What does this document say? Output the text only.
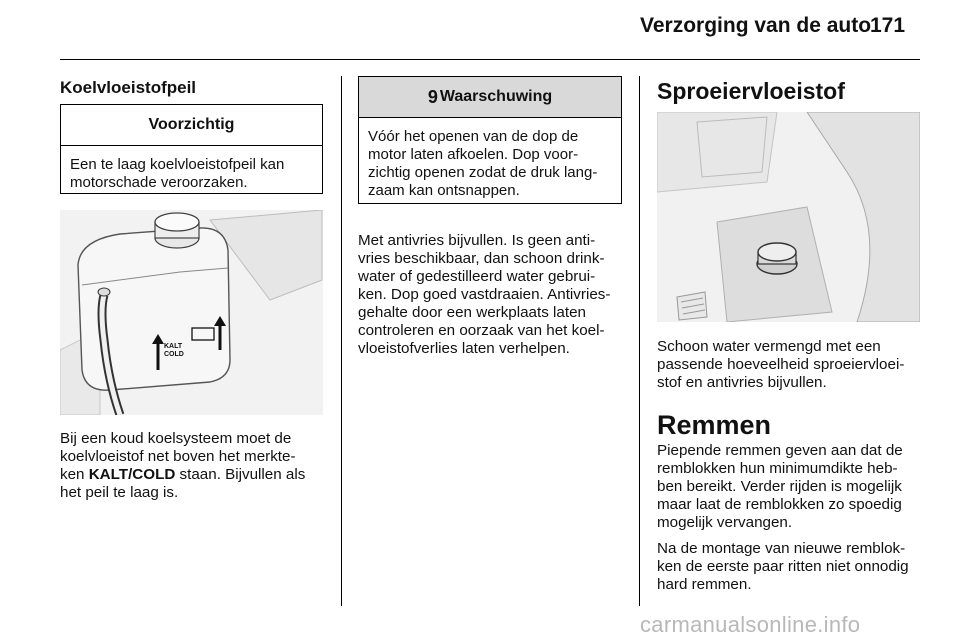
Verzorging van de auto
171
Koelvloeistofpeil
Voorzichtig
Een te laag koelvloeistofpeil kan
motorschade veroorzaken.
KALT
COLD
Bij een koud koelsysteem moet de
koelvloeistof net boven het merkte-
ken KALT/COLD staan. Bijvullen als
het peil te laag is.
9 Waarschuwing
Vóór het openen van de dop de
motor laten afkoelen. Dop voor-
zichtig openen zodat de druk lang-
zaam kan ontsnappen.
Met antivries bijvullen. Is geen anti-
vries beschikbaar, dan schoon drink-
water of gedestilleerd water gebrui-
ken. Dop goed vastdraaien. Antivries-
gehalte door een werkplaats laten
controleren en oorzaak van het koel-
vloeistofverlies laten verhelpen.
Sproeiervloeistof
Schoon water vermengd met een
passende hoeveelheid sproeiervloei-
stof en antivries bijvullen.
Remmen
Piepende remmen geven aan dat de
remblokken hun minimumdikte heb-
ben bereikt. Verder rijden is mogelijk
maar laat de remblokken zo spoedig
mogelijk vervangen.
Na de montage van nieuwe remblok-
ken de eerste paar ritten niet onnodig
hard remmen.
carmanualsonline.info
